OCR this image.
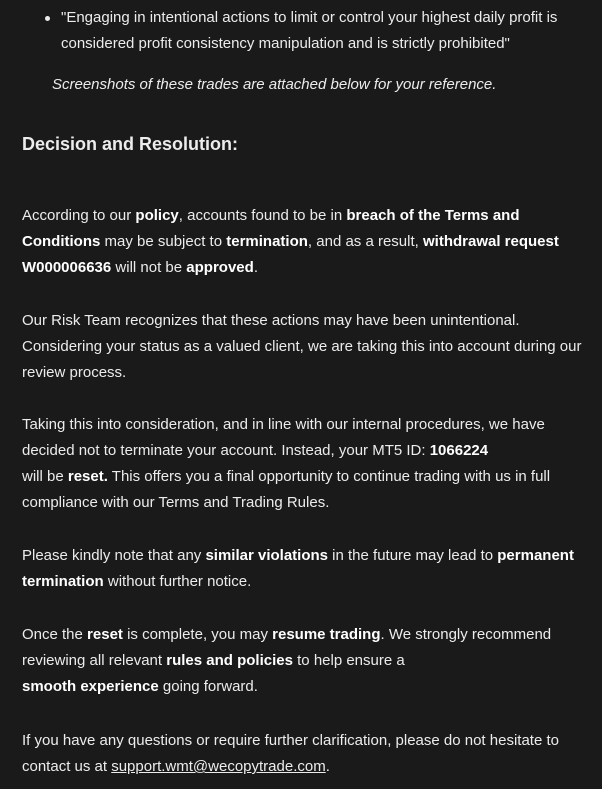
"Engaging in intentional actions to limit or control your highest daily profit is considered profit consistency manipulation and is strictly prohibited"

Screenshots of these trades are attached below for your reference.

Decision and Resolution:

According to our policy, accounts found to be in breach of the Terms and Conditions may be subject to termination, and as a result, withdrawal request W000006636 will not be approved.

Our Risk Team recognizes that these actions may have been unintentional. Considering your status as a valued client, we are taking this into account during our review process.

Taking this into consideration, and in line with our internal procedures, we have decided not to terminate your account. Instead, your MT5 ID: 1066224
will be reset. This offers you a final opportunity to continue trading with us in full compliance with our Terms and Trading Rules.

Please kindly note that any similar violations in the future may lead to permanent termination without further notice.

Once the reset is complete, you may resume trading. We strongly recommend reviewing all relevant rules and policies to help ensure a
smooth experience going forward.

If you have any questions or require further clarification, please do not hesitate to contact us at support.wmt@wecopytrade.com.
